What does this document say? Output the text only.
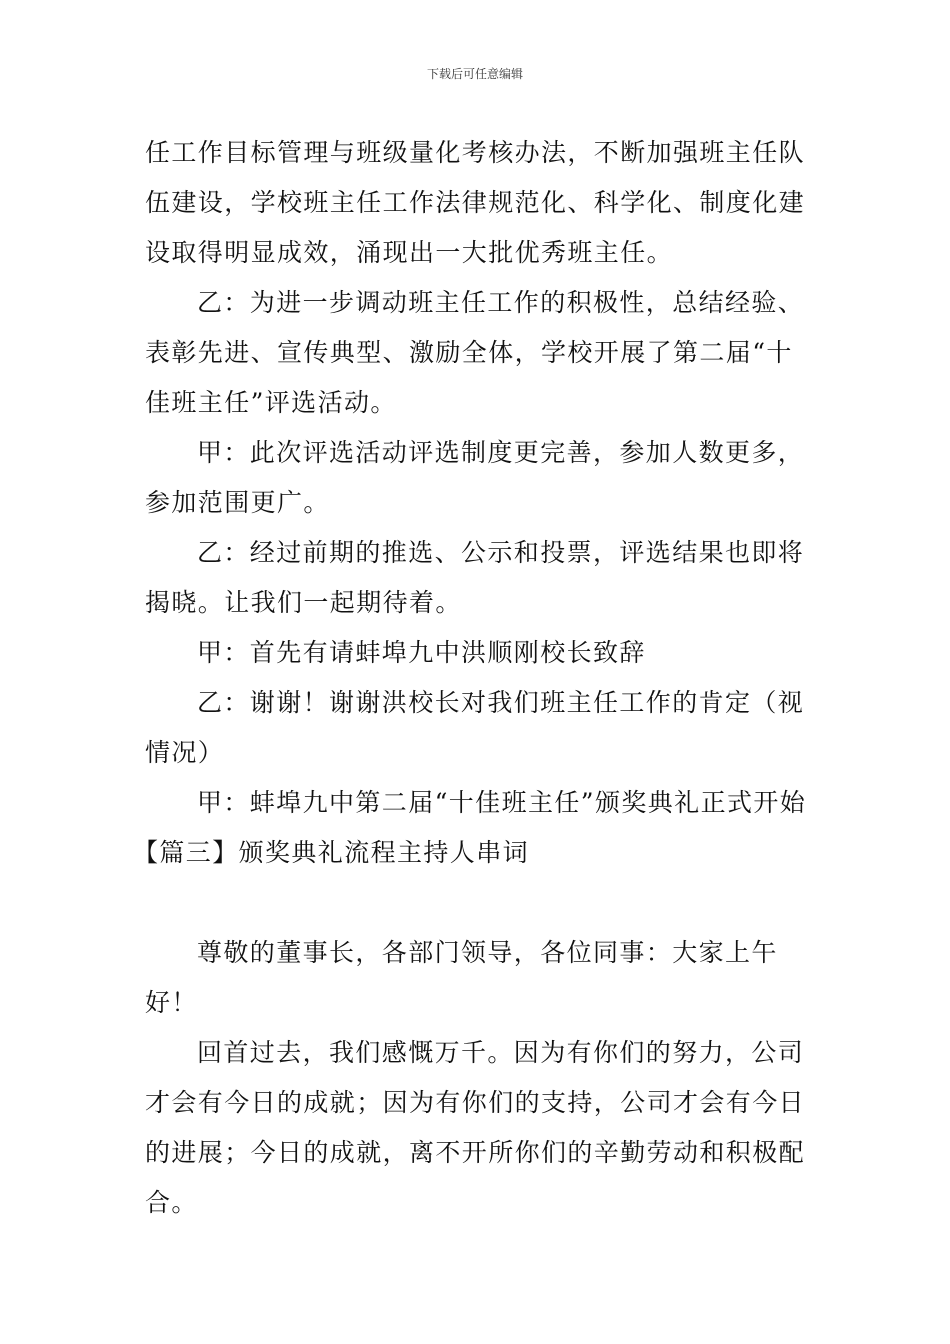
下载后可任意编辑

任工作目标管理与班级量化考核办法，不断加强班主任队伍建设，学校班主任工作法律规范化、科学化、制度化建设取得明显成效，涌现出一大批优秀班主任。

乙：为进一步调动班主任工作的积极性，总结经验、表彰先进、宣传典型、激励全体，学校开展了第二届“十佳班主任”评选活动。

甲：此次评选活动评选制度更完善，参加人数更多，参加范围更广。

乙：经过前期的推选、公示和投票，评选结果也即将揭晓。让我们一起期待着。

甲：首先有请蚌埠九中洪顺刚校长致辞

乙：谢谢！谢谢洪校长对我们班主任工作的肯定（视情况）

甲：蚌埠九中第二届“十佳班主任”颁奖典礼正式开始

【篇三】颁奖典礼流程主持人串词

尊敬的董事长，各部门领导，各位同事：大家上午好！

回首过去，我们感慨万千。因为有你们的努力，公司才会有今日的成就；因为有你们的支持，公司才会有今日的进展；今日的成就，离不开所你们的辛勤劳动和积极配合。
